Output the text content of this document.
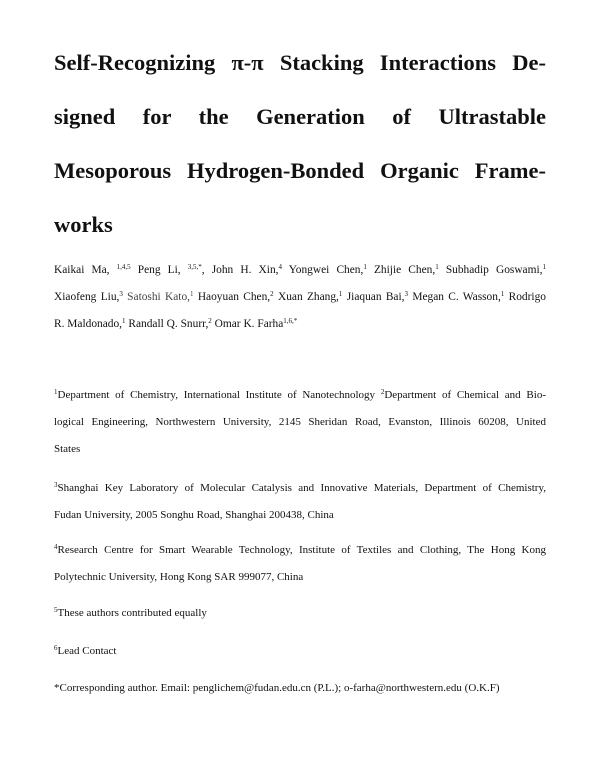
Self-Recognizing π-π Stacking Interactions De-
signed for the Generation of Ultrastable
Mesoporous Hydrogen-Bonded Organic Frame-
works
Kaikai Ma, $^{1,4,5}$ Peng Li, $^{3,5,*}$, John H. Xin,$^4$ Yongwei Chen,$^1$ Zhijie Chen,$^1$ Subhadip Goswami,$^1$
Xiaofeng Liu,$^3$ Satoshi Kato,$^1$ Haoyuan Chen,$^2$ Xuan Zhang,$^1$ Jiaquan Bai,$^3$ Megan C. Wasson,$^1$ Rodrigo
R. Maldonado,$^1$ Randall Q. Snurr,$^2$ Omar K. Farha$^{1,6,*}$
$^1$Department of Chemistry, International Institute of Nanotechnology $^2$Department of Chemical and Bio-
logical Engineering, Northwestern University, 2145 Sheridan Road, Evanston, Illinois 60208, United
States
$^3$Shanghai Key Laboratory of Molecular Catalysis and Innovative Materials, Department of Chemistry,
Fudan University, 2005 Songhu Road, Shanghai 200438, China
$^4$Research Centre for Smart Wearable Technology, Institute of Textiles and Clothing, The Hong Kong
Polytechnic University, Hong Kong SAR 999077, China
$^5$These authors contributed equally
$^6$Lead Contact
*Corresponding author. Email: penglichem@fudan.edu.cn (P.L.); o-farha@northwestern.edu (O.K.F)
